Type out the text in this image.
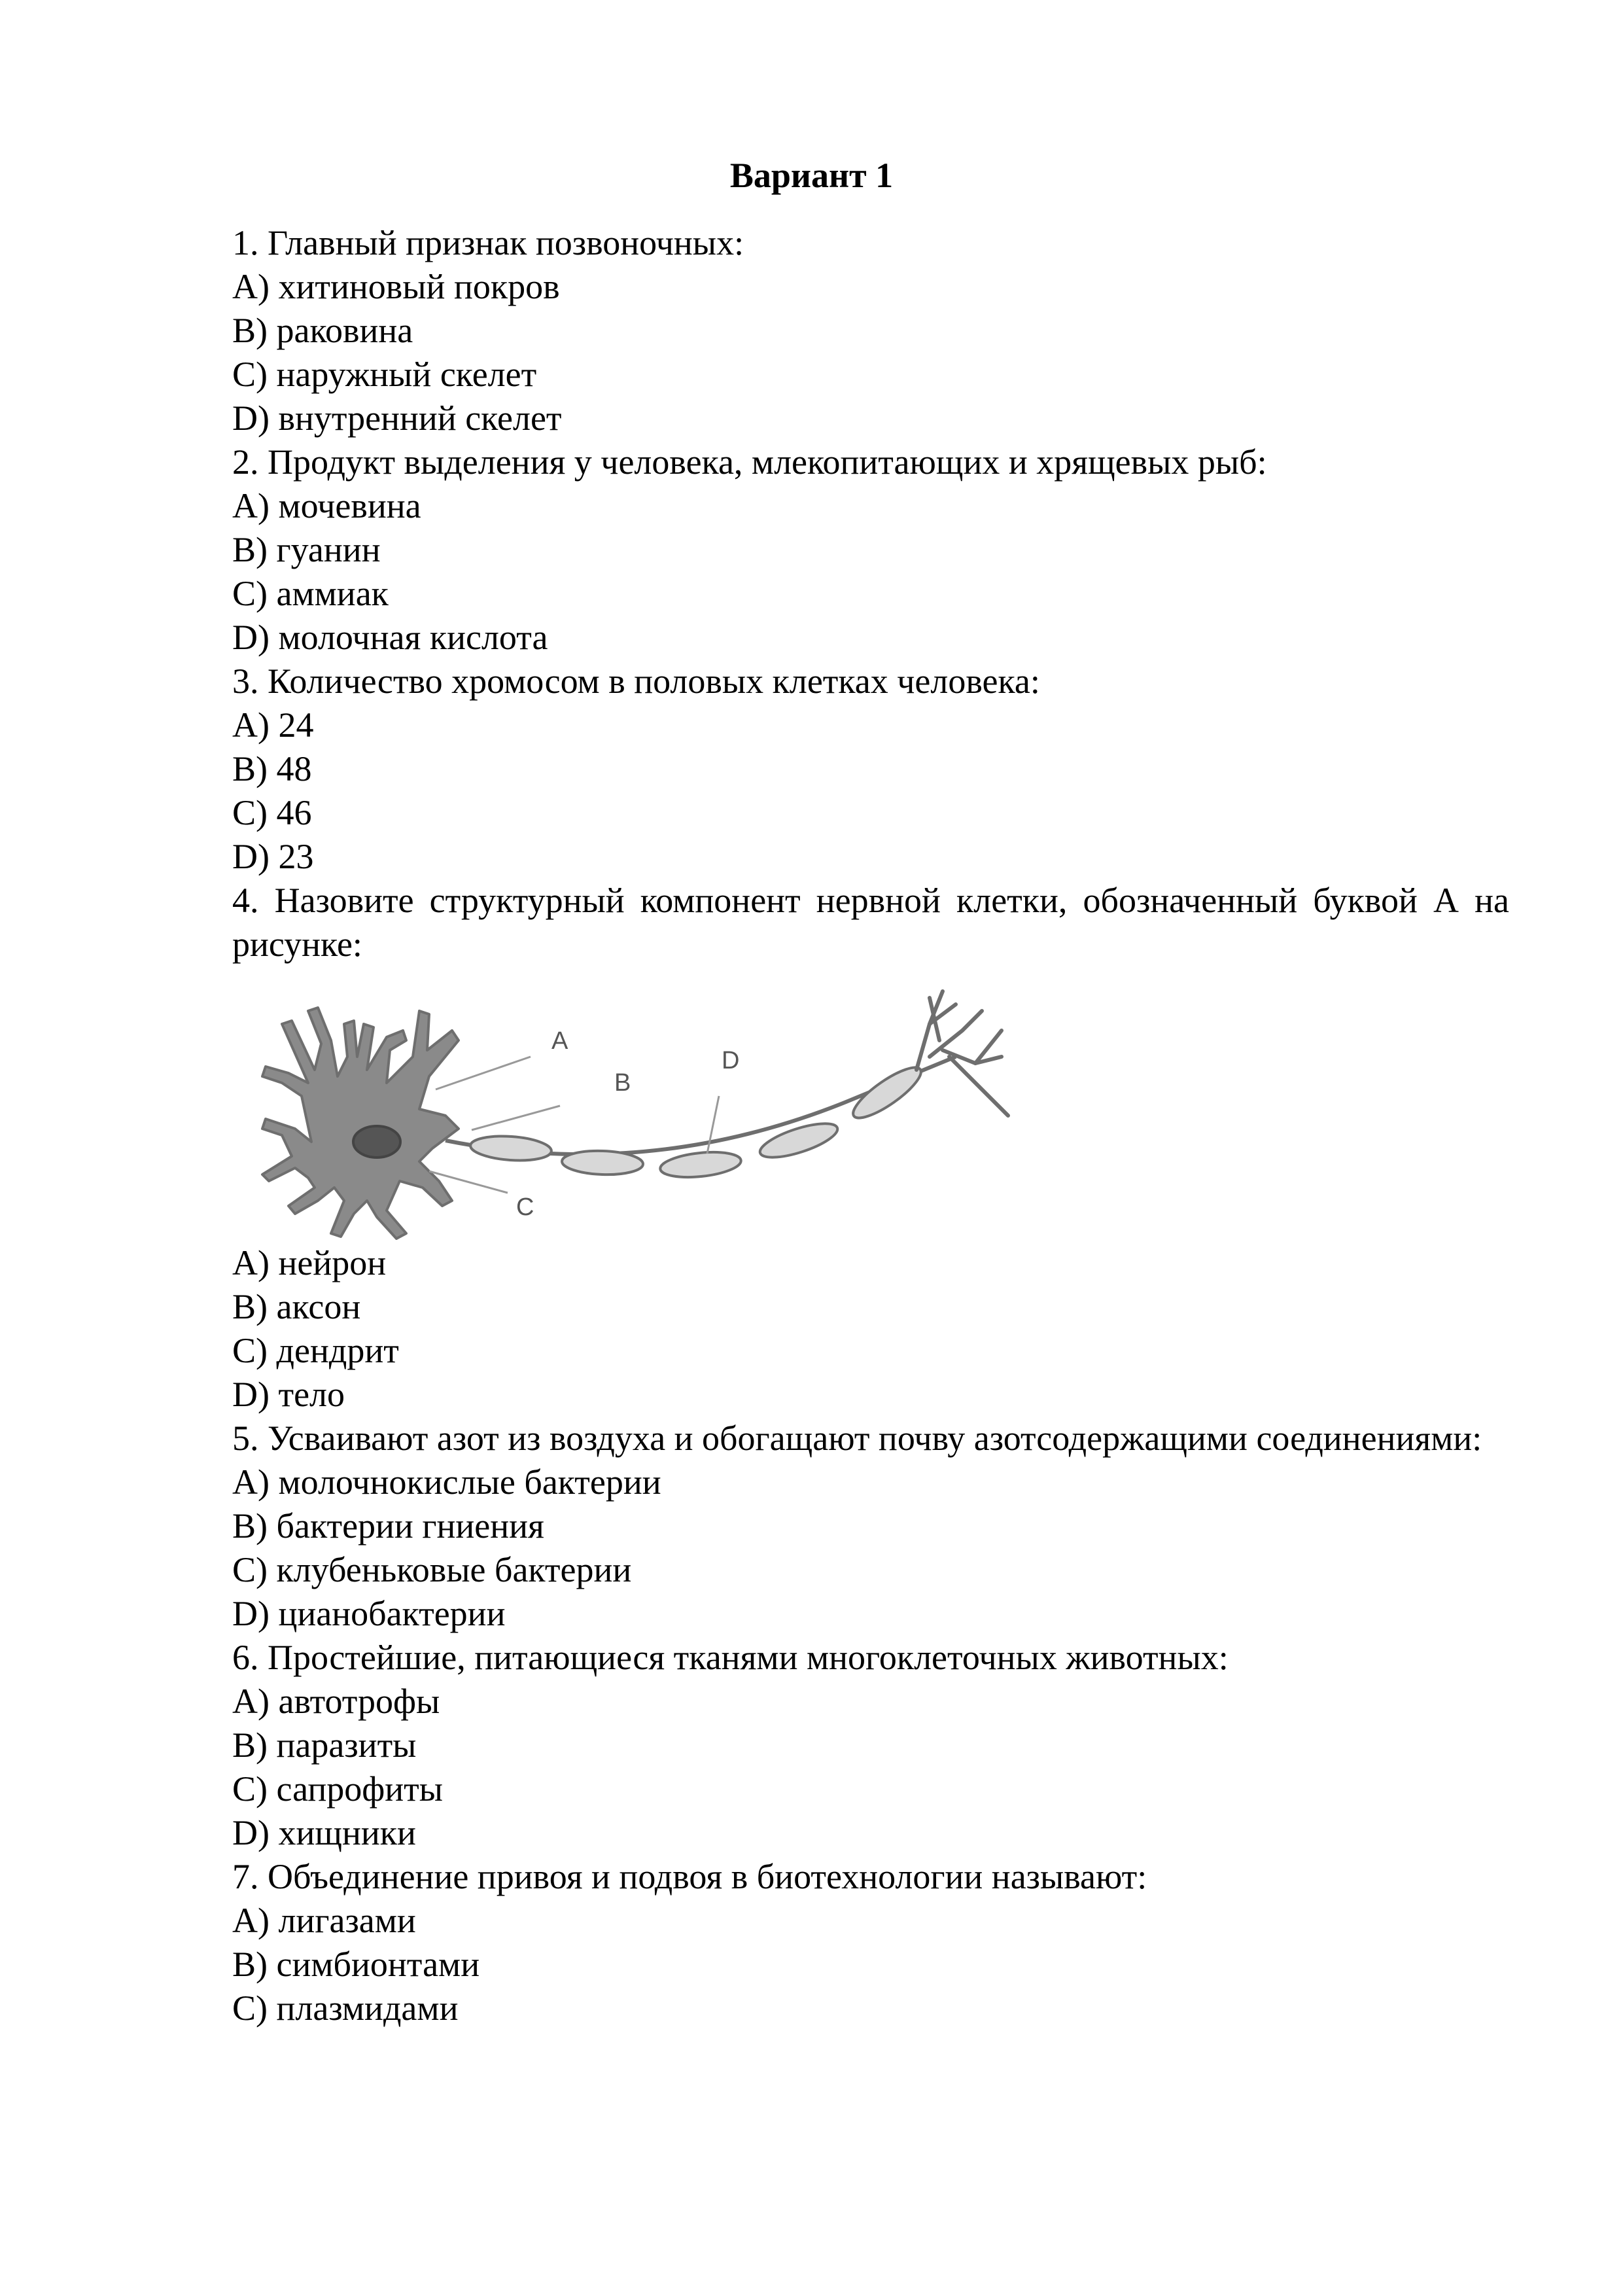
Вариант 1
1. Главный признак позвоночных:
A) хитиновый покров
B) раковина
C) наружный скелет
D) внутренний скелет
2. Продукт выделения у человека, млекопитающих и хрящевых рыб:
A) мочевина
B) гуанин
C) аммиак
D) молочная кислота
3. Количество хромосом в половых клетках человека:
A) 24
B) 48
C) 46
D) 23
4. Назовите структурный компонент нервной клетки, обозначенный буквой А на рисунке:
A
B
D
C
A) нейрон
B) аксон
C) дендрит
D) тело
5. Усваивают азот из воздуха и обогащают почву азотсодержащими соединениями:
A) молочнокислые бактерии
B) бактерии гниения
C) клубеньковые бактерии
D) цианобактерии
6. Простейшие, питающиеся тканями многоклеточных животных:
A) автотрофы
B) паразиты
C) сапрофиты
D) хищники
7. Объединение привоя и подвоя в биотехнологии называют:
A) лигазами
B) симбионтами
C) плазмидами
